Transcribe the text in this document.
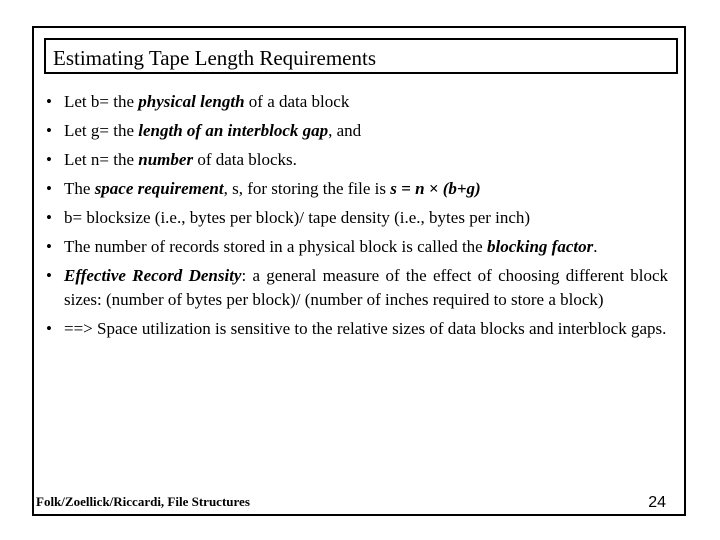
Estimating Tape Length Requirements
• Let b= the physical length of a data block
• Let g= the length of an interblock gap, and
• Let n= the number of data blocks.
• The space requirement, s, for storing the file is s = n × (b+g)
• b= blocksize (i.e., bytes per block)/ tape density (i.e., bytes per inch)
• The number of records stored in a physical block is called the blocking factor.
• Effective Record Density: a general measure of the effect of choosing different block sizes: (number of bytes per block)/ (number of inches required to store a block)
• ==> Space utilization is sensitive to the relative sizes of data blocks and interblock gaps.
Folk/Zoellick/Riccardi, File Structures	24
